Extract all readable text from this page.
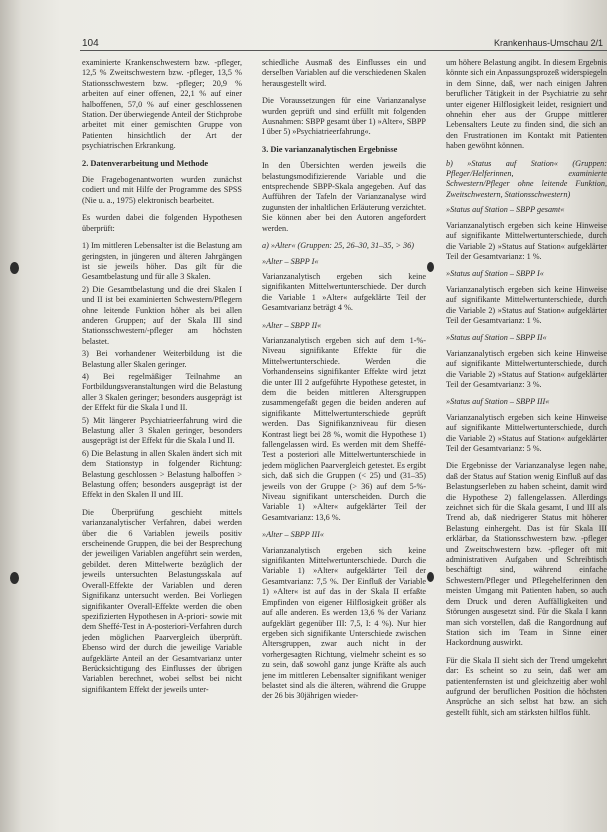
104	Krankenhaus-Umschau 2/1

examinierte Krankenschwestern bzw. -pfleger, 12,5 % Zweitschwestern bzw. -pfleger, 13,5 % Stationsschwestern bzw. -pfleger; 20,9 % arbeiten auf einer offenen, 22,1 % auf einer halboffenen, 57,0 % auf einer geschlossenen Station. Der überwiegende Anteil der Stichprobe arbeitet mit einer gemischten Gruppe von Patienten hinsichtlich der Art der psychiatrischen Erkrankung.

2. Datenverarbeitung und Methode

Die Fragebogenantworten wurden zunächst codiert und mit Hilfe der Programme des SPSS (Nie u. a., 1975) elektronisch bearbeitet.

Es wurden dabei die folgenden Hypothesen überprüft:

1) Im mittleren Lebensalter ist die Belastung am geringsten, in jüngeren und älteren Jahrgängen ist sie jeweils höher. Das gilt für die Gesamtbelastung und für alle 3 Skalen.

2) Die Gesamtbelastung und die drei Skalen I und II ist bei examinierten Schwestern/Pflegern ohne leitende Funktion höher als bei allen anderen Gruppen; auf der Skala III sind Stationsschwestern/-pfleger am höchsten belastet.

3) Bei vorhandener Weiterbildung ist die Belastung aller Skalen geringer.

4) Bei regelmäßiger Teilnahme an Fortbildungsveranstaltungen wird die Belastung aller 3 Skalen geringer; besonders ausgeprägt ist der Effekt für die Skala I und II.

5) Mit längerer Psychiatrieerfahrung wird die Belastung aller 3 Skalen geringer, besonders ausgeprägt ist der Effekt für die Skala I und II.

6) Die Belastung in allen Skalen ändert sich mit dem Stationstyp in folgender Richtung: Belastung geschlossen > Belastung halboffen > Belastung offen; besonders ausgeprägt ist der Effekt in den Skalen II und III.

Die Überprüfung geschieht mittels varianzanalytischer Verfahren, dabei werden über die 6 Variablen jeweils positiv erscheinende Gruppen, die bei der Besprechung der jeweiligen Variablen angeführt sein werden, gebildet. deren Mittelwerte bezüglich der jeweils untersuchten Belastungsskala auf Overall-Effekte der Variablen und deren Signifikanz untersucht werden. Bei Vorliegen signifikanter Overall-Effekte werden die oben spezifizierten Hypothesen in A-priori- sowie mit dem Sheffé-Test in A-posteriori-Verfahren durch jeden möglichen Paarvergleich überprüft. Ebenso wird der durch die jeweilige Variable aufgeklärte Anteil an der Gesamtvarianz unter Berücksichtigung des Einflusses der übrigen Variablen berechnet, wobei selbst bei nicht signifikantem Effekt der jeweils unter-

schiedliche Ausmaß des Einflusses ein und derselben Variablen auf die verschiedenen Skalen herausgestellt wird.

Die Voraussetzungen für eine Varianzanalyse wurden geprüft und sind erfüllt mit folgenden Ausnahmen: SBPP gesamt über 1) »Alter«, SBPP I über 5) »Psychiatrieerfahrung«.

3. Die varianzanalytischen Ergebnisse

In den Übersichten werden jeweils die belastungsmodifizierende Variable und die entsprechende SBPP-Skala angegeben. Auf das Aufführen der Tafeln der Varianzanalyse wird zugunsten der inhaltlichen Erläuterung verzichtet. Sie können aber bei den Autoren angefordert werden.

a) »Alter« (Gruppen: 25, 26–30, 31–35, > 36)

»Alter – SBPP I«

Varianzanalytisch ergeben sich keine signifikanten Mittelwertunterschiede. Der durch die Variable 1 »Alter« aufgeklärte Teil der Gesamtvarianz beträgt 4 %.

»Alter – SBPP II«

Varianzanalytisch ergeben sich auf dem 1-%-Niveau signifikante Effekte für die Mittelwertunterschiede. Werden die Vorhandenseins signifikanter Effekte wird jetzt die unter III 2 aufgeführte Hypothese getestet, in dem die beiden mittleren Altersgruppen zusammengefaßt gegen die beiden anderen auf signifikante Mittelwertunterschiede geprüft werden. Das Signifikanzniveau für diesen Kontrast liegt bei 28 %, womit die Hypothese 1) fallengelassen wird. Es werden mit dem Sheffé-Test a posteriori alle Mittelwertunterschiede in jedem möglichen Paarvergleich getestet. Es ergibt sich, daß sich die Gruppen (< 25) und (31–35) jeweils von der Gruppe (> 36) auf dem 5-%-Niveau signifikant unterscheiden. Durch die Variable 1) »Alter« aufgeklärter Teil der Gesamtvarianz: 13,6 %.

»Alter – SBPP III«

Varianzanalytisch ergeben sich keine signifikanten Mittelwertunterschiede. Durch die Variable 1) »Alter« aufgeklärter Teil der Gesamtvarianz: 7,5 %. Der Einfluß der Variable 1) »Alter« ist auf das in der Skala II erfaßte Empfinden von eigener Hilflosigkeit größer als auf alle anderen. Es werden 13,6 % der Varianz aufgeklärt gegenüber III: 7,5, I: 4 %). Nur hier ergeben sich signifikante Unterschiede zwischen Altersgruppen, zwar auch nicht in der vorhergesagten Richtung, vielmehr scheint es so zu sein, daß sowohl ganz junge Kräfte als auch jene im mittleren Lebensalter signifikant weniger belastet sind als die älteren, während die Gruppe der 26 bis 30jährigen wieder-

um höhere Belastung angibt. In diesem Ergebnis könnte sich ein Anpassungsprozeß widerspiegeln in dem Sinne, daß, wer nach einigen Jahren beruflicher Tätigkeit in der Psychiatrie zu sehr unter eigener Hilflosigkeit leidet, resigniert und ohnehin eher aus der Gruppe mittlerer Lebensalters Leute zu finden sind, die sich an den Frustrationen im Kontakt mit Patienten haben gewöhnt können.

b) »Status auf Station« (Gruppen: Pfleger/Helferinnen, examinierte Schwestern/Pfleger ohne leitende Funktion, Zweitschwestern, Stationsschwestern)

»Status auf Station – SBPP gesamt«

Varianzanalytisch ergeben sich keine Hinweise auf signifikante Mittelwertunterschiede, durch die Variable 2) »Status auf Station« aufgeklärter Teil der Gesamtvarianz: 1 %.

»Status auf Station – SBPP I«

Varianzanalytisch ergeben sich keine Hinweise auf signifikante Mittelwertunterschiede, durch die Variable 2) »Status auf Station« aufgeklärter Teil der Gesamtvarianz: 1 %.

»Status auf Station – SBPP II«

Varianzanalytisch ergeben sich keine Hinweise auf signifikante Mittelwertunterschiede, durch die Variable 2) »Status auf Station« aufgeklärter Teil der Gesamtvarianz: 3 %.

»Status auf Station – SBPP III«

Varianzanalytisch ergeben sich keine Hinweise auf signifikante Mittelwertunterschiede, durch die Variable 2) »Status auf Station« aufgeklärter Teil der Gesamtvarianz: 5 %.

Die Ergebnisse der Varianzanalyse legen nahe, daß der Status auf Station wenig Einfluß auf das Belastungserleben zu haben scheint, damit wird die Hypothese 2) fallengelassen. Allerdings zeichnet sich für die Skala gesamt, I und III als Trend ab, daß niedrigerer Status mit höherer Belastung einhergeht. Das ist für Skala III erklärbar, da Stationsschwestern bzw. -pfleger und Zweitschwestern bzw. -pfleger oft mit administrativen Aufgaben und Schreibtisch beschäftigt sind, während einfache Schwestern/Pfleger und Pflegehelferinnen den meisten Umgang mit Patienten haben, so auch dem Druck und deren Auffälligkeiten und Störungen ausgesetzt sind. Für die Skala I kann man sich vorstellen, daß die Rangordnung auf Station sich im Team in Sinne einer Hackordnung auswirkt.

Für die Skala II sieht sich der Trend umgekehrt dar: Es scheint so zu sein, daß wer am patientenfernsten ist und gleichzeitig aber wohl aufgrund der beruflichen Position die höchsten Ansprüche an sich selbst hat bzw. an sich gestellt fühlt, sich am stärksten hilflos fühlt.
